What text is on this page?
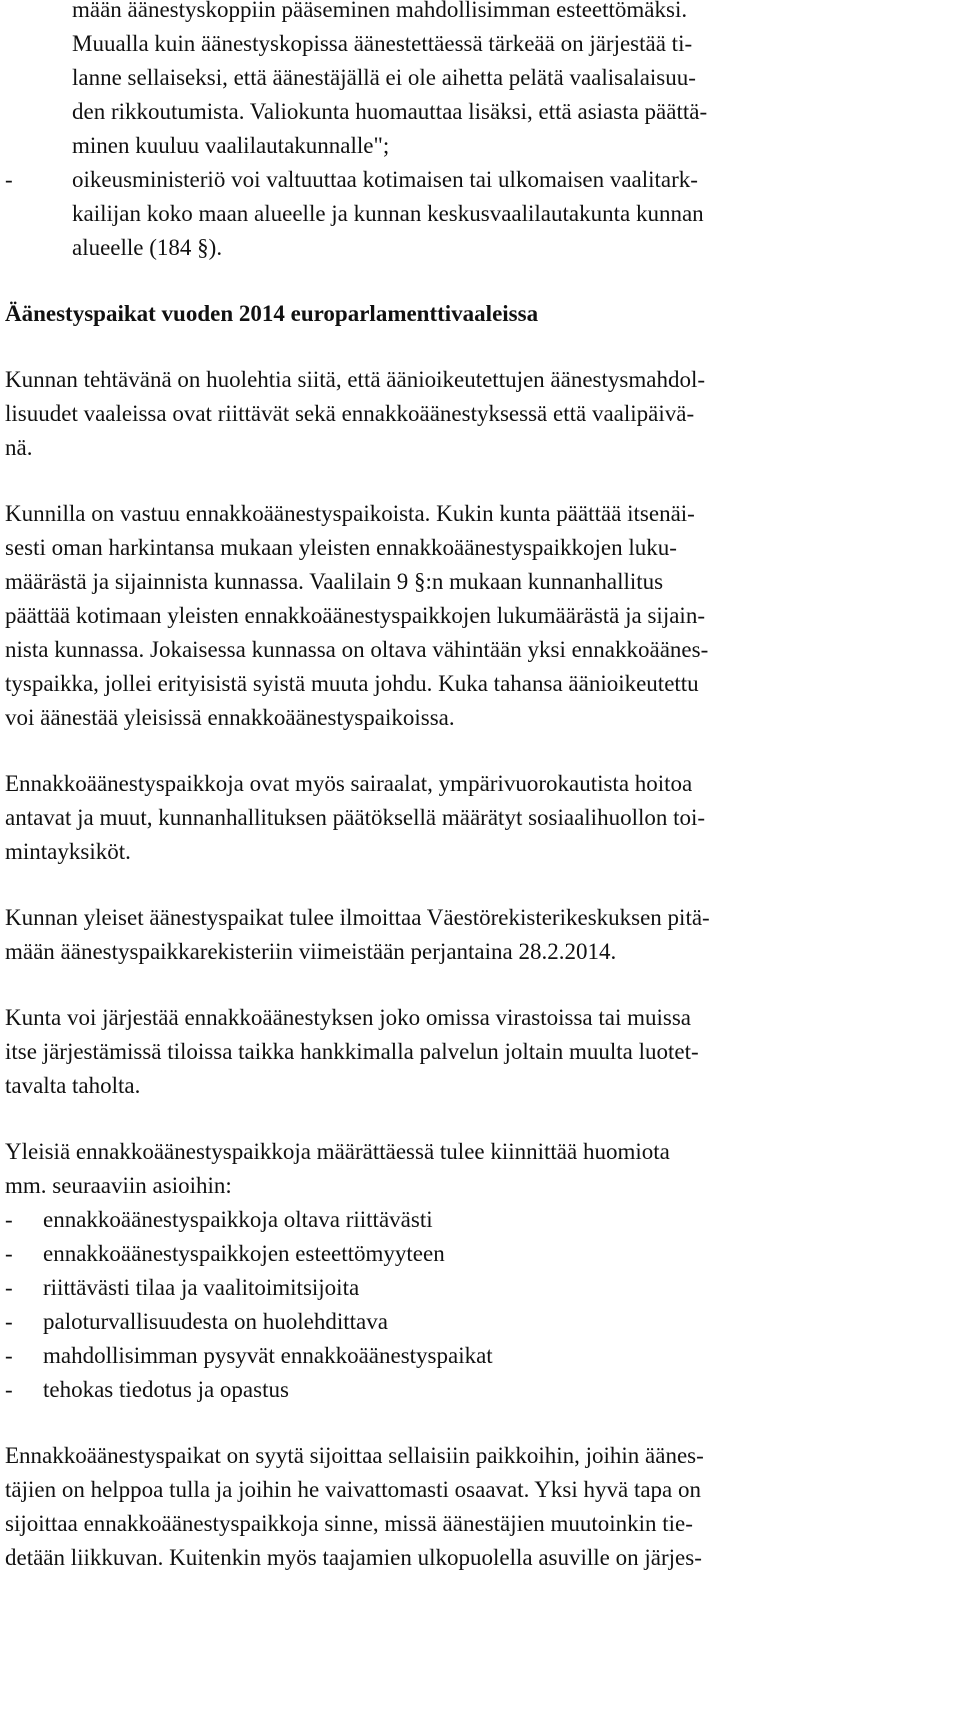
mään äänestyskoppiin pääseminen mahdollisimman esteettömäksi.
Muualla kuin äänestyskopissa äänestettäessä tärkeää on järjestää ti-
lanne sellaiseksi, että äänestäjällä ei ole aihetta pelätä vaalisalaisuu-
den rikkoutumista. Valiokunta huomauttaa lisäksi, että asiasta päättä-
minen kuuluu vaalilautakunnalle";
-	oikeusministeriö voi valtuuttaa kotimaisen tai ulkomaisen vaalitark-
kailijan koko maan alueelle ja kunnan keskusvaalilautakunta kunnan
alueelle (184 §).
Äänestyspaikat vuoden 2014 europarlamenttivaaleissa
Kunnan tehtävänä on huolehtia siitä, että äänioikeutettujen äänestysmahdol-
lisuudet vaaleissa ovat riittävät sekä ennakkoäänestyksessä että vaalipäivä-
nä.
Kunnilla on vastuu ennakkoäänestyspaikoista. Kukin kunta päättää itsenäi-
sesti oman harkintansa mukaan yleisten ennakkoäänestyspaikkojen luku-
määrästä ja sijainnista kunnassa. Vaalilain 9 §:n mukaan kunnanhallitus
päättää kotimaan yleisten ennakkoäänestyspaikkojen lukumäärästä ja sijain-
nista kunnassa. Jokaisessa kunnassa on oltava vähintään yksi ennakkoäänes-
tyspaikka, jollei erityisistä syistä muuta johdu. Kuka tahansa äänioikeutettu
voi äänestää yleisissä ennakkoäänestyspaikoissa.
Ennakkoäänestyspaikkoja ovat myös sairaalat, ympärivuorokautista hoitoa
antavat ja muut, kunnanhallituksen päätöksellä määrätyt sosiaalihuollon toi-
mintayksiköt.
Kunnan yleiset äänestyspaikat tulee ilmoittaa Väestörekisterikeskuksen pitä-
mään äänestyspaikkarekisteriin viimeistään perjantaina 28.2.2014.
Kunta voi järjestää ennakkoäänestyksen joko omissa virastoissa tai muissa
itse järjestämissä tiloissa taikka hankkimalla palvelun joltain muulta luotet-
tavalta taholta.
Yleisiä ennakkoäänestyspaikkoja määrättäessä tulee kiinnittää huomiota
mm. seuraaviin asioihin:
- ennakkoäänestyspaikkoja oltava riittävästi
- ennakkoäänestyspaikkojen esteettömyyteen
- riittävästi tilaa ja vaalitoimitsijoita
- paloturvallisuudesta on huolehdittava
- mahdollisimman pysyvät ennakkoäänestyspaikat
- tehokas tiedotus ja opastus
Ennakkoäänestyspaikat on syytä sijoittaa sellaisiin paikkoihin, joihin äänes-
täjien on helppoa tulla ja joihin he vaivattomasti osaavat. Yksi hyvä tapa on
sijoittaa ennakkoäänestyspaikkoja sinne, missä äänestäjien muutoinkin tie-
detään liikkuvan. Kuitenkin myös taajamien ulkopuolella asuville on järjes-
